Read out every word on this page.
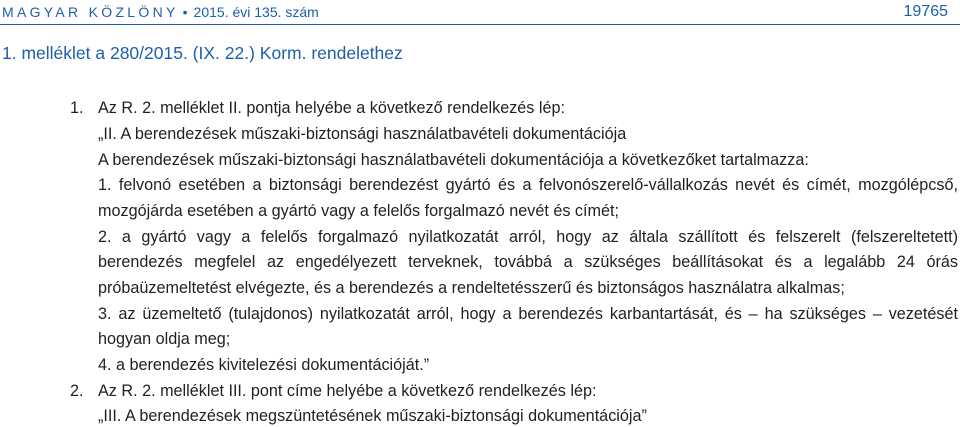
MAGYAR KÖZLÖNY • 2015. évi 135. szám	19765
1. melléklet a 280/2015. (IX. 22.) Korm. rendelethez
1. Az R. 2. melléklet II. pontja helyébe a következő rendelkezés lép:
„II. A berendezések műszaki-biztonsági használatbavételi dokumentációja
A berendezések műszaki-biztonsági használatbavételi dokumentációja a következőket tartalmazza:
1. felvonó esetében a biztonsági berendezést gyártó és a felvonószerelő-vállalkozás nevét és címét, mozgólépcső,
mozgójárda esetében a gyártó vagy a felelős forgalmazó nevét és címét;
2. a gyártó vagy a felelős forgalmazó nyilatkozatát arról, hogy az általa szállított és felszerelt (felszereltetett)
berendezés megfelel az engedélyezett terveknek, továbbá a szükséges beállításokat és a legalább 24 órás
próbaüzemeltetést elvégezte, és a berendezés a rendeltetésszerű és biztonságos használatra alkalmas;
3. az üzemeltető (tulajdonos) nyilatkozatát arról, hogy a berendezés karbantartását, és – ha szükséges – vezetését
hogyan oldja meg;
4. a berendezés kivitelezési dokumentációját.”
2. Az R. 2. melléklet III. pont címe helyébe a következő rendelkezés lép:
„III. A berendezések megszüntetésének műszaki-biztonsági dokumentációja”
